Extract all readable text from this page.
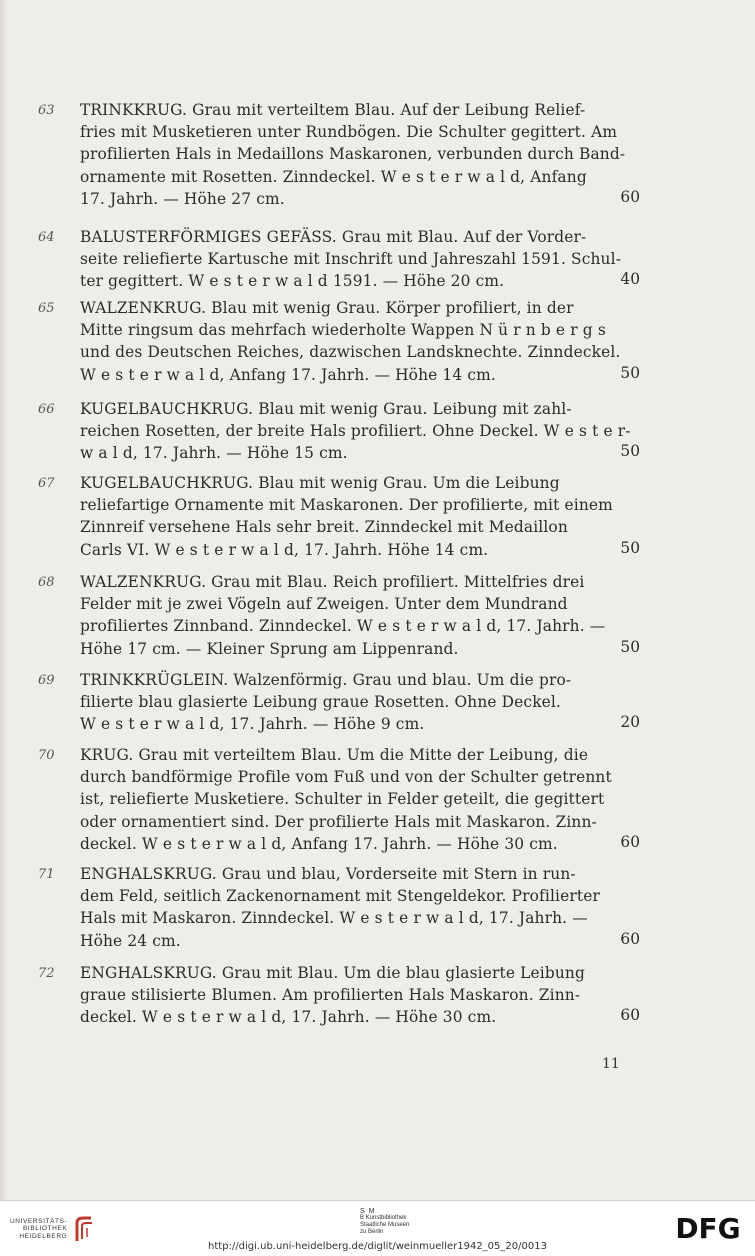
63 TRINKKRUG. Grau mit verteiltem Blau. Auf der Leibung Relief-
fries mit Musketieren unter Rundbögen. Die Schulter gegittert. Am
profilierten Hals in Medaillons Maskaronen, verbunden durch Band-
ornamente mit Rosetten. Zinndeckel. W e s t e r w a l d, Anfang
17. Jahrh. — Höhe 27 cm.	60
64 BALUSTERFÖRMIGES GEFÄSS. Grau mit Blau. Auf der Vorder-
seite reliefierte Kartusche mit Inschrift und Jahreszahl 1591. Schul-
ter gegittert. W e s t e r w a l d 1591. — Höhe 20 cm.	40
65 WALZENKRUG. Blau mit wenig Grau. Körper profiliert, in der
Mitte ringsum das mehrfach wiederholte Wappen N ü r n b e r g s
und des Deutschen Reiches, dazwischen Landsknechte. Zinndeckel.
W e s t e r w a l d, Anfang 17. Jahrh. — Höhe 14 cm.	50
66 KUGELBAUCHKRUG. Blau mit wenig Grau. Leibung mit zahl-
reichen Rosetten, der breite Hals profiliert. Ohne Deckel. W e s t e r-
w a l d, 17. Jahrh. — Höhe 15 cm.	50
67 KUGELBAUCHKRUG. Blau mit wenig Grau. Um die Leibung
reliefartige Ornamente mit Maskaronen. Der profilierte, mit einem
Zinnreif versehene Hals sehr breit. Zinndeckel mit Medaillon
Carls VI. W e s t e r w a l d, 17. Jahrh. Höhe 14 cm.	50
68 WALZENKRUG. Grau mit Blau. Reich profiliert. Mittelfries drei
Felder mit je zwei Vögeln auf Zweigen. Unter dem Mundrand
profiliertes Zinnband. Zinndeckel. W e s t e r w a l d, 17. Jahrh. —
Höhe 17 cm. — Kleiner Sprung am Lippenrand.	50
69 TRINKKRÜGLEIN. Walzenförmig. Grau und blau. Um die pro-
filierte blau glasierte Leibung graue Rosetten. Ohne Deckel.
W e s t e r w a l d, 17. Jahrh. — Höhe 9 cm.	20
70 KRUG. Grau mit verteiltem Blau. Um die Mitte der Leibung, die
durch bandförmige Profile vom Fuß und von der Schulter getrennt
ist, reliefierte Musketiere. Schulter in Felder geteilt, die gegittert
oder ornamentiert sind. Der profilierte Hals mit Maskaron. Zinn-
deckel. W e s t e r w a l d, Anfang 17. Jahrh. — Höhe 30 cm.	60
71 ENGHALSKRUG. Grau und blau, Vorderseite mit Stern in run-
dem Feld, seitlich Zackenornament mit Stengeldekor. Profilierter
Hals mit Maskaron. Zinndeckel. W e s t e r w a l d, 17. Jahrh. —
Höhe 24 cm.	60
72 ENGHALSKRUG. Grau mit Blau. Um die blau glasierte Leibung
graue stilisierte Blumen. Am profilierten Hals Maskaron. Zinn-
deckel. W e s t e r w a l d, 17. Jahrh. — Höhe 30 cm.	60
11
UNIVERSITÄTS-
BIBLIOTHEK
HEIDELBERG
S M
B Kunstbibliothek
Staatliche Museen
zu Berlin	DFG
http://digi.ub.uni-heidelberg.de/diglit/weinmueller1942_05_20/0013
